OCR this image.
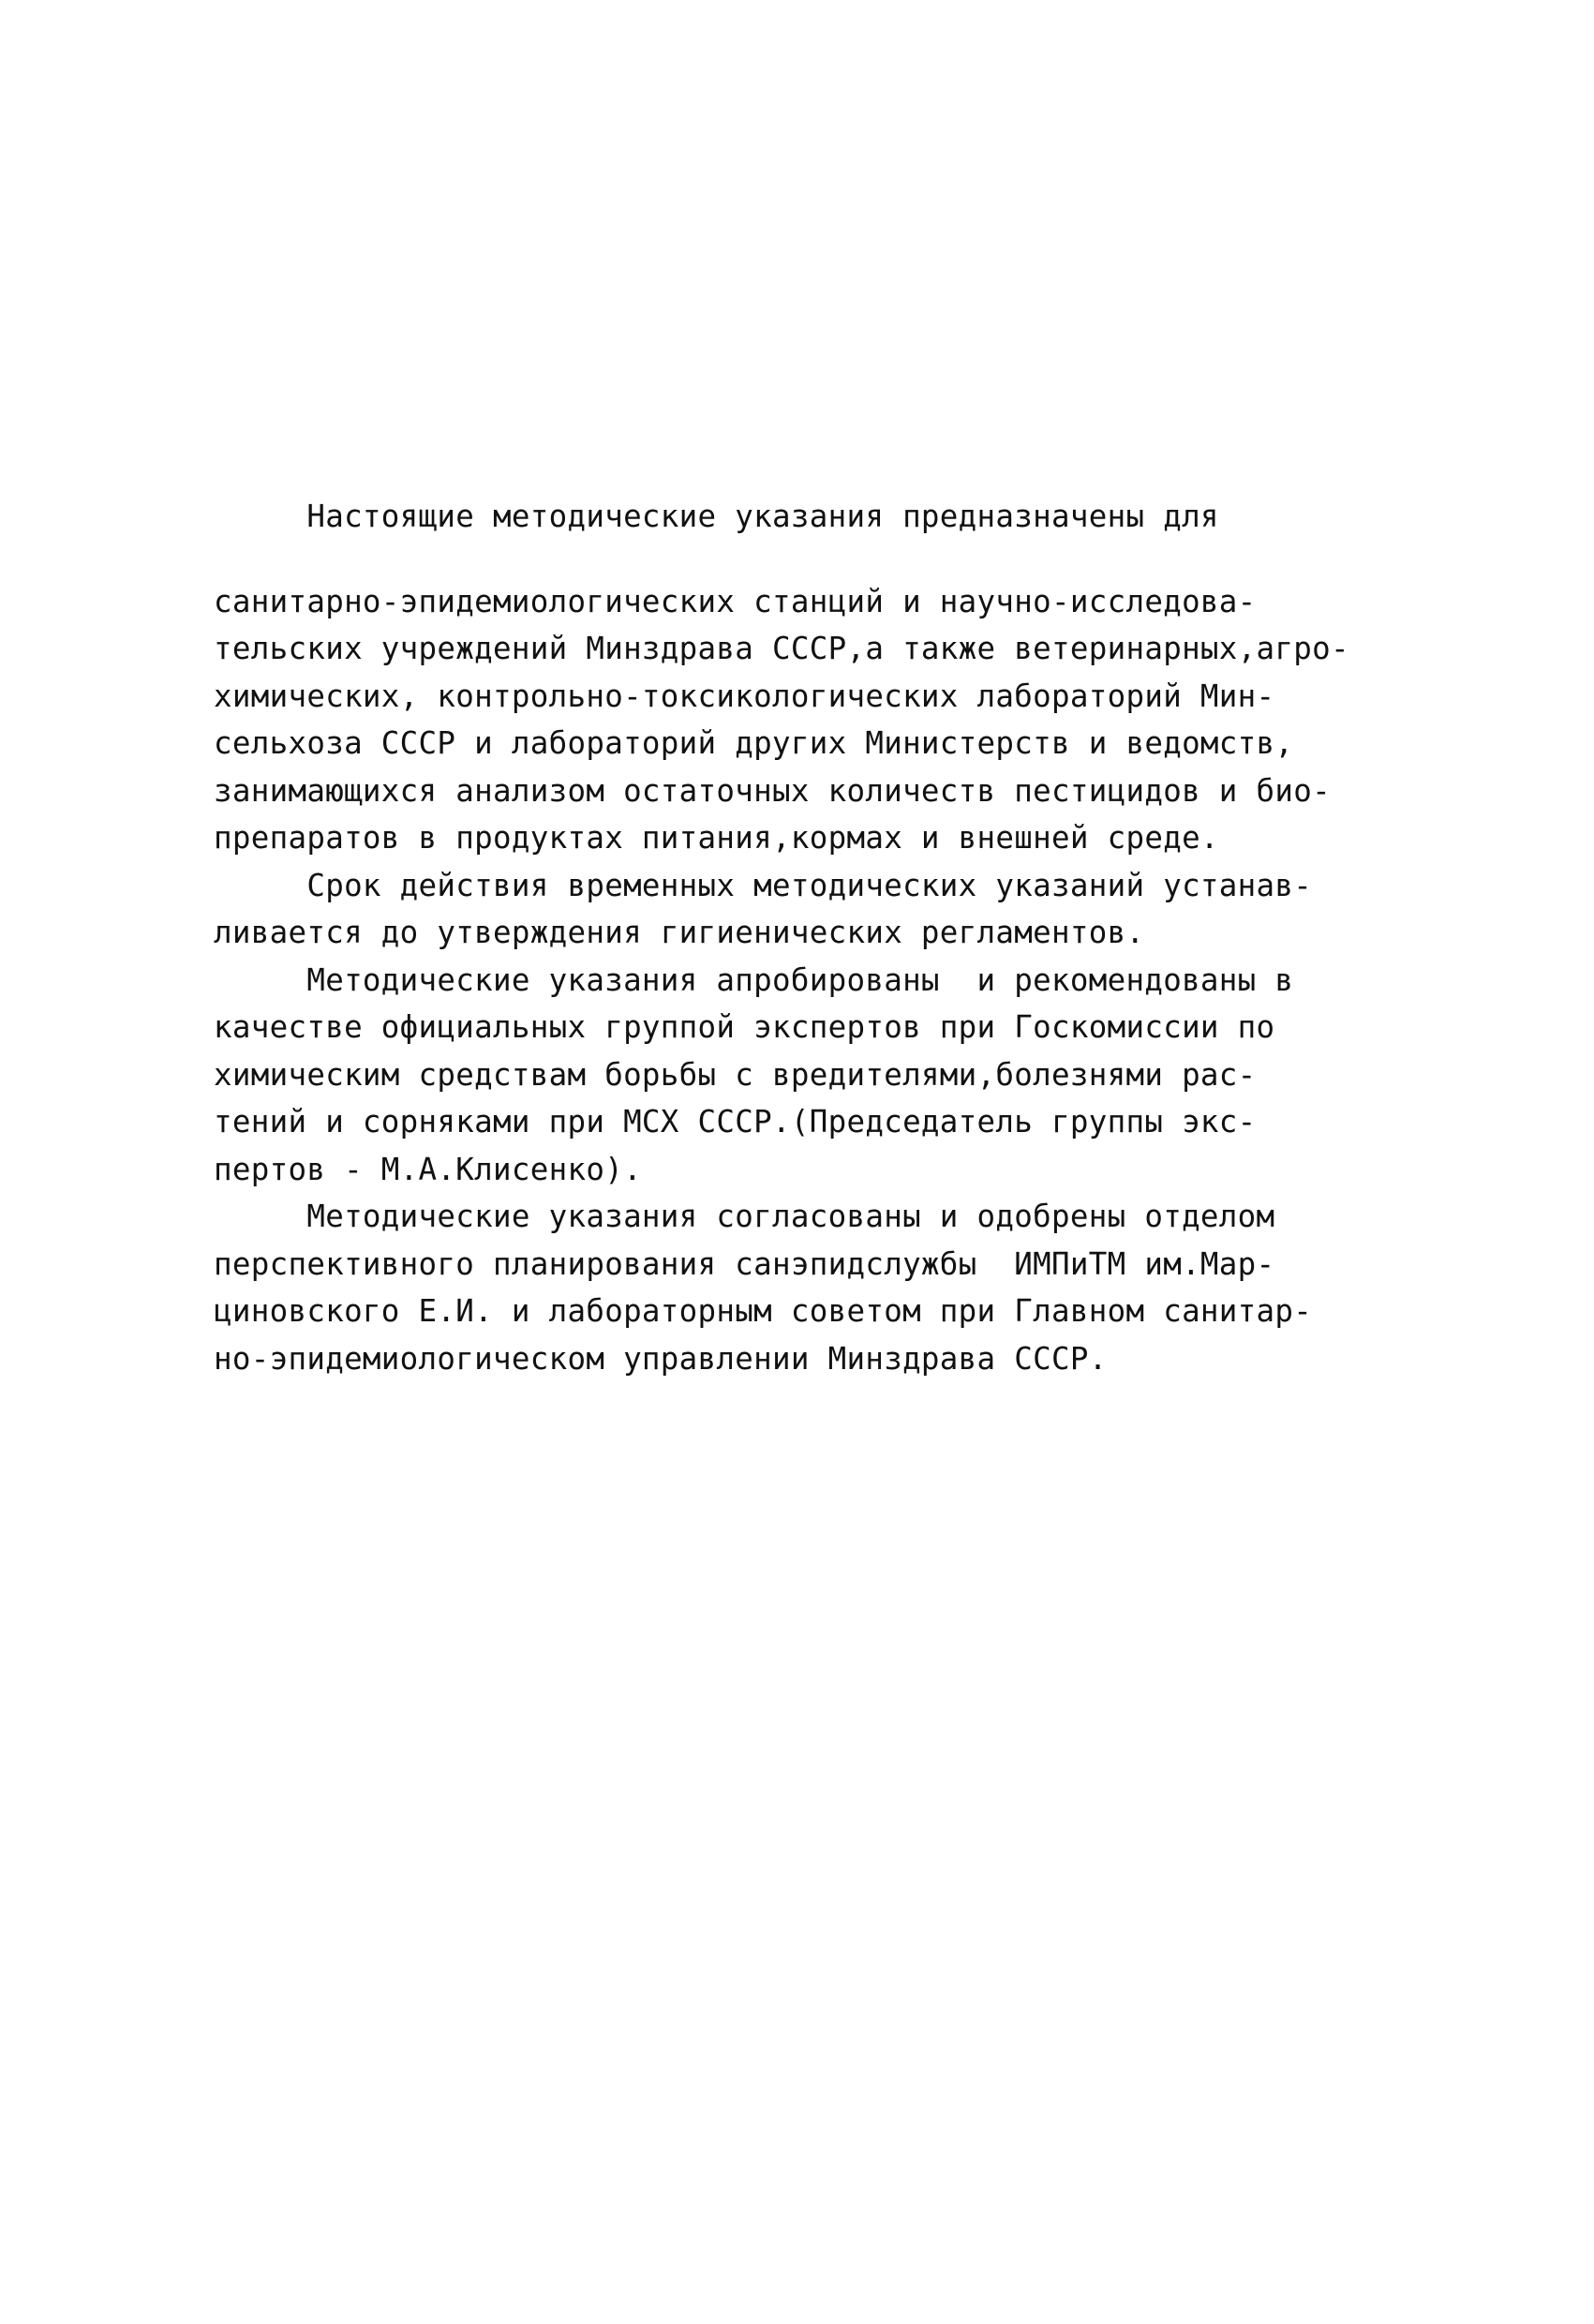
Настоящие методические указания предназначены для
санитарно-эпидемиологических станций и научно-исследова-
тельских учреждений Минздрава СССР,а также ветеринарных,агро-
химических, контрольно-токсикологических лабораторий Мин-
сельхоза СССР и лабораторий других Министерств и ведомств,
занимающихся анализом остаточных количеств пестицидов и био-
препаратов в продуктах питания,кормах и внешней среде.
Срок действия временных методических указаний устанав-
ливается до утверждения гигиенических регламентов.
Методические указания апробированы  и рекомендованы в
качестве официальных группой экспертов при Госкомиссии по
химическим средствам борьбы с вредителями,болезнями рас-
тений и сорняками при МСХ СССР.(Председатель группы экс-
пертов - М.А.Клисенко).
Методические указания согласованы и одобрены отделом
перспективного планирования санэпидслужбы  ИМПиТМ им.Мар-
циновского Е.И. и лабораторным советом при Главном санитар-
но-эпидемиологическом управлении Минздрава СССР.
